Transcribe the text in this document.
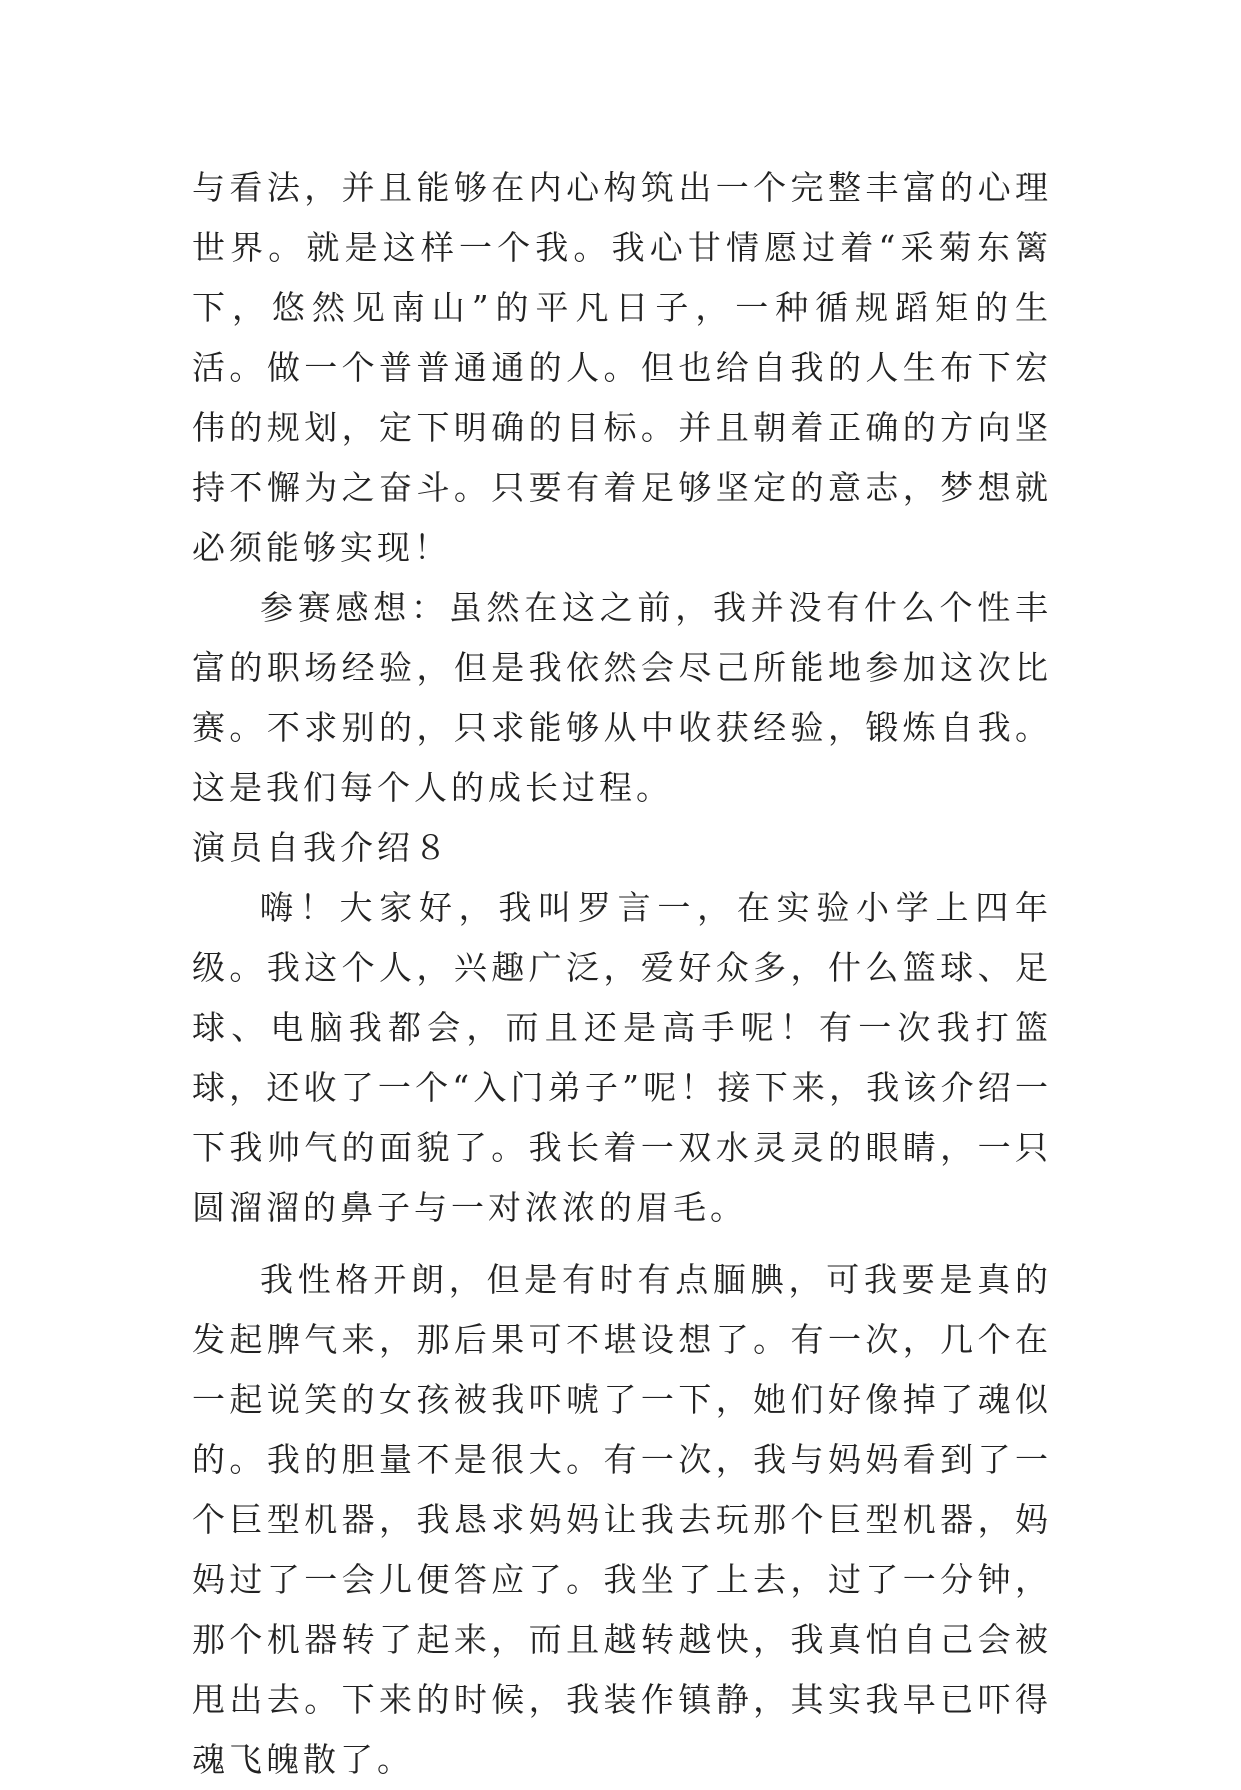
与看法，并且能够在内心构筑出一个完整丰富的心理世界。就是这样一个我。我心甘情愿过着“采菊东篱下，悠然见南山”的平凡日子，一种循规蹈矩的生活。做一个普普通通的人。但也给自我的人生布下宏伟的规划，定下明确的目标。并且朝着正确的方向坚持不懈为之奋斗。只要有着足够坚定的意志，梦想就必须能够实现！

参赛感想：虽然在这之前，我并没有什么个性丰富的职场经验，但是我依然会尽己所能地参加这次比赛。不求别的，只求能够从中收获经验，锻炼自我。这是我们每个人的成长过程。

演员自我介绍８

嗨！大家好，我叫罗言一，在实验小学上四年级。我这个人，兴趣广泛，爱好众多，什么篮球、足球、电脑我都会，而且还是高手呢！有一次我打篮球，还收了一个“入门弟子”呢！接下来，我该介绍一下我帅气的面貌了。我长着一双水灵灵的眼睛，一只圆溜溜的鼻子与一对浓浓的眉毛。

我性格开朗，但是有时有点腼腆，可我要是真的发起脾气来，那后果可不堪设想了。有一次，几个在一起说笑的女孩被我吓唬了一下，她们好像掉了魂似的。我的胆量不是很大。有一次，我与妈妈看到了一个巨型机器，我恳求妈妈让我去玩那个巨型机器，妈妈过了一会儿便答应了。我坐了上去，过了一分钟，那个机器转了起来，而且越转越快，我真怕自己会被甩出去。下来的时候，我装作镇静，其实我早已吓得魂飞魄散了。
